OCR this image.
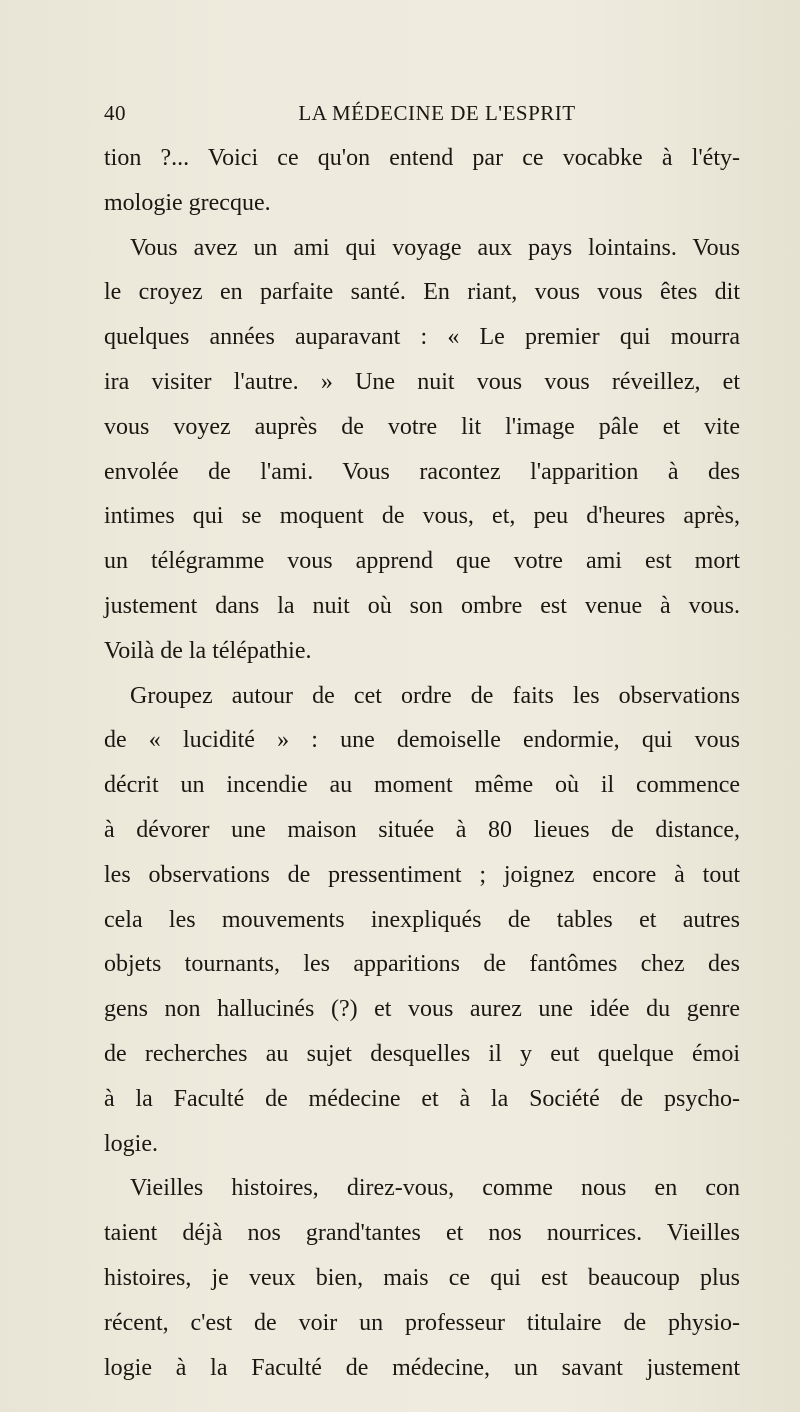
40	LA MÉDECINE DE L'ESPRIT
tion ?... Voici ce qu'on entend par ce vocabke à l'éty-
mologie grecque.
Vous avez un ami qui voyage aux pays lointains. Vous
le croyez en parfaite santé. En riant, vous vous êtes dit
quelques années auparavant : « Le premier qui mourra
ira visiter l'autre. » Une nuit vous vous réveillez, et
vous voyez auprès de votre lit l'image pâle et vite
envolée de l'ami. Vous racontez l'apparition à des
intimes qui se moquent de vous, et, peu d'heures après,
un télégramme vous apprend que votre ami est mort
justement dans la nuit où son ombre est venue à vous.
Voilà de la télépathie.
Groupez autour de cet ordre de faits les observations
de « lucidité » : une demoiselle endormie, qui vous
décrit un incendie au moment même où il commence
à dévorer une maison située à 80 lieues de distance,
les observations de pressentiment ; joignez encore à tout
cela les mouvements inexpliqués de tables et autres
objets tournants, les apparitions de fantômes chez des
gens non hallucinés (?) et vous aurez une idée du genre
de recherches au sujet desquelles il y eut quelque émoi
à la Faculté de médecine et à la Société de psycho-
logie.
Vieilles histoires, direz-vous, comme nous en con
taient déjà nos grand'tantes et nos nourrices. Vieilles
histoires, je veux bien, mais ce qui est beaucoup plus
récent, c'est de voir un professeur titulaire de physio-
logie à la Faculté de médecine, un savant justement
